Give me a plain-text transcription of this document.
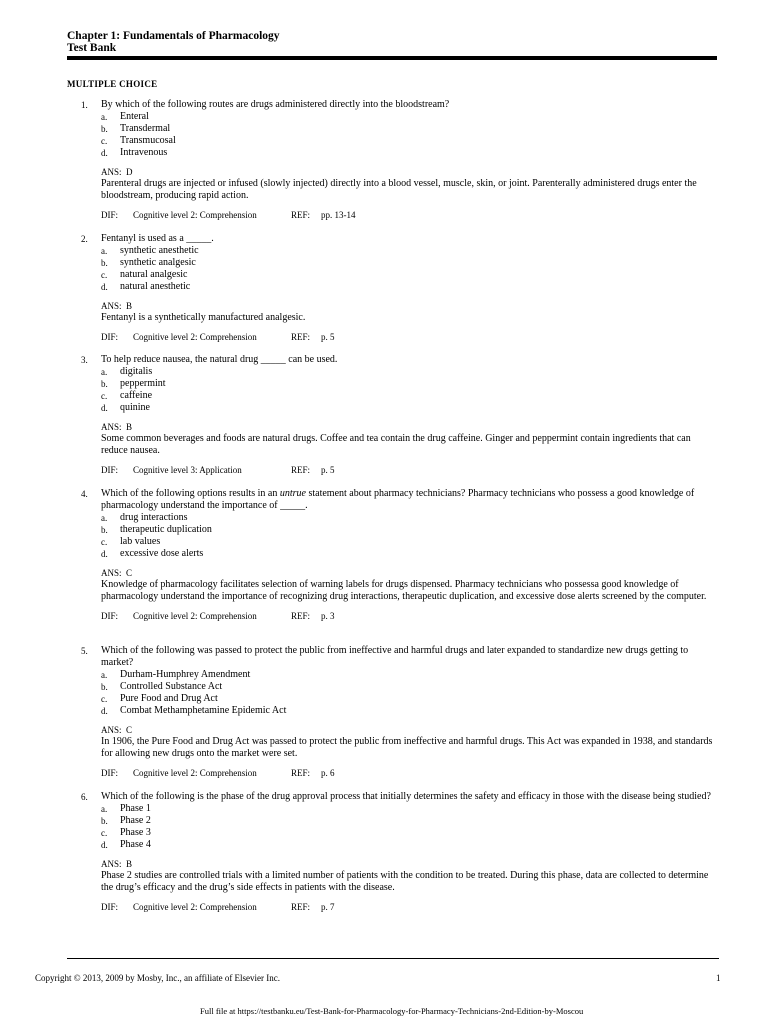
Chapter 1: Fundamentals of Pharmacology
Test Bank
MULTIPLE CHOICE
1. By which of the following routes are drugs administered directly into the bloodstream?
a. Enteral
b. Transdermal
c. Transmucosal
d. Intravenous
ANS: D
Parenteral drugs are injected or infused (slowly injected) directly into a blood vessel, muscle, skin, or joint. Parenterally administered drugs enter the bloodstream, producing rapid action.
DIF: Cognitive level 2: Comprehension	REF: pp. 13-14
2. Fentanyl is used as a _____.
a. synthetic anesthetic
b. synthetic analgesic
c. natural analgesic
d. natural anesthetic
ANS: B
Fentanyl is a synthetically manufactured analgesic.
DIF: Cognitive level 2: Comprehension	REF: p. 5
3. To help reduce nausea, the natural drug _____ can be used.
a. digitalis
b. peppermint
c. caffeine
d. quinine
ANS: B
Some common beverages and foods are natural drugs. Coffee and tea contain the drug caffeine. Ginger and peppermint contain ingredients that can reduce nausea.
DIF: Cognitive level 3: Application	REF: p. 5
4. Which of the following options results in an untrue statement about pharmacy technicians? Pharmacy technicians who possess a good knowledge of pharmacology understand the importance of _____.
a. drug interactions
b. therapeutic duplication
c. lab values
d. excessive dose alerts
ANS: C
Knowledge of pharmacology facilitates selection of warning labels for drugs dispensed. Pharmacy technicians who possessa good knowledge of pharmacology understand the importance of recognizing drug interactions, therapeutic duplication, and excessive dose alerts screened by the computer.
DIF: Cognitive level 2: Comprehension	REF: p. 3
5. Which of the following was passed to protect the public from ineffective and harmful drugs and later expanded to standardize new drugs getting to market?
a. Durham-Humphrey Amendment
b. Controlled Substance Act
c. Pure Food and Drug Act
d. Combat Methamphetamine Epidemic Act
ANS: C
In 1906, the Pure Food and Drug Act was passed to protect the public from ineffective and harmful drugs. This Act was expanded in 1938, and standards for allowing new drugs onto the market were set.
DIF: Cognitive level 2: Comprehension	REF: p. 6
6. Which of the following is the phase of the drug approval process that initially determines the safety and efficacy in those with the disease being studied?
a. Phase 1
b. Phase 2
c. Phase 3
d. Phase 4
ANS: B
Phase 2 studies are controlled trials with a limited number of patients with the condition to be treated. During this phase, data are collected to determine the drug’s efficacy and the drug’s side effects in patients with the disease.
DIF: Cognitive level 2: Comprehension	REF: p. 7
Copyright © 2013, 2009 by Mosby, Inc., an affiliate of Elsevier Inc.	1
Full file at https://testbanku.eu/Test-Bank-for-Pharmacology-for-Pharmacy-Technicians-2nd-Edition-by-Moscou
